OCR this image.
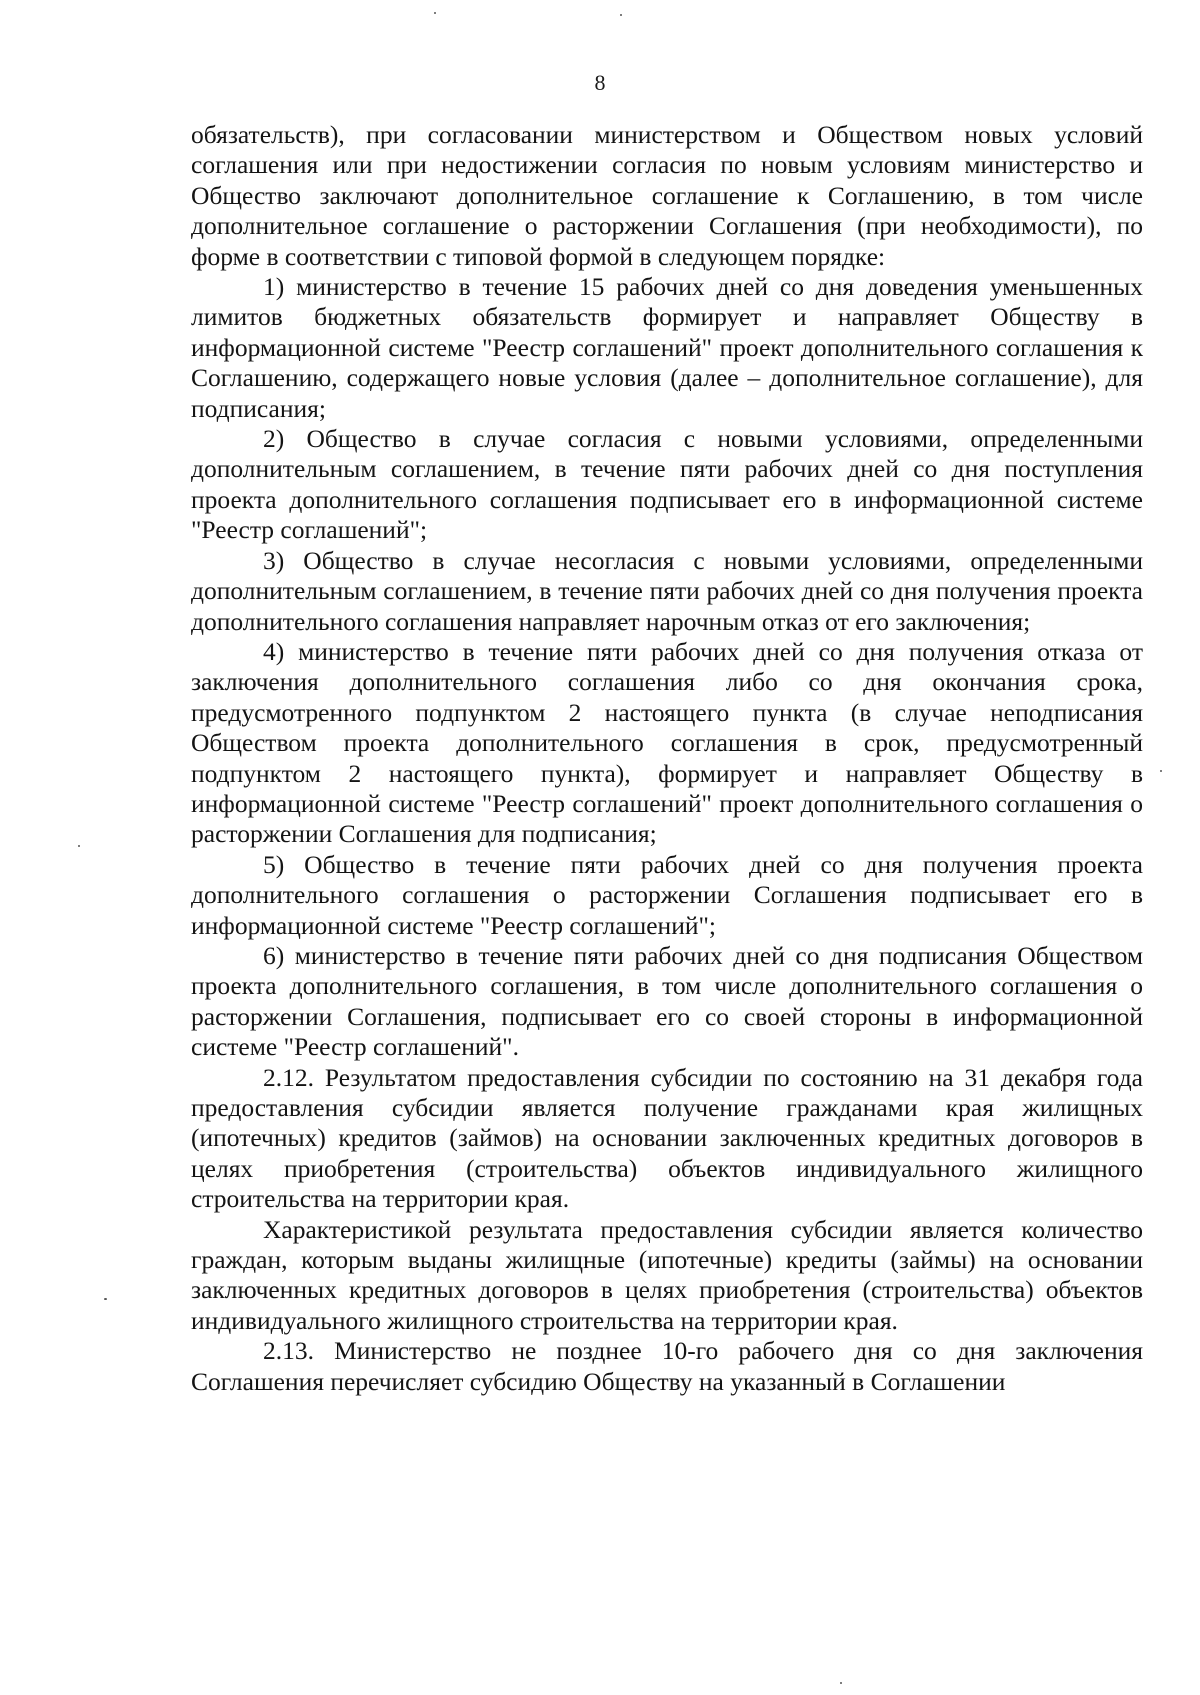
8

обязательств), при согласовании министерством и Обществом новых условий соглашения или при недостижении согласия по новым условиям министерство и Общество заключают дополнительное соглашение к Соглашению, в том числе дополнительное соглашение о расторжении Соглашения (при необходимости), по форме в соответствии с типовой формой в следующем порядке:

1) министерство в течение 15 рабочих дней со дня доведения уменьшенных лимитов бюджетных обязательств формирует и направляет Обществу в информационной системе "Реестр соглашений" проект дополнительного соглашения к Соглашению, содержащего новые условия (далее – дополнительное соглашение), для подписания;

2) Общество в случае согласия с новыми условиями, определенными дополнительным соглашением, в течение пяти рабочих дней со дня поступления проекта дополнительного соглашения подписывает его в информационной системе "Реестр соглашений";

3) Общество в случае несогласия с новыми условиями, определенными дополнительным соглашением, в течение пяти рабочих дней со дня получения проекта дополнительного соглашения направляет нарочным отказ от его заключения;

4) министерство в течение пяти рабочих дней со дня получения отказа от заключения дополнительного соглашения либо со дня окончания срока, предусмотренного подпунктом 2 настоящего пункта (в случае неподписания Обществом проекта дополнительного соглашения в срок, предусмотренный подпунктом 2 настоящего пункта), формирует и направляет Обществу в информационной системе "Реестр соглашений" проект дополнительного соглашения о расторжении Соглашения для подписания;

5) Общество в течение пяти рабочих дней со дня получения проекта дополнительного соглашения о расторжении Соглашения подписывает его в информационной системе "Реестр соглашений";

6) министерство в течение пяти рабочих дней со дня подписания Обществом проекта дополнительного соглашения, в том числе дополнительного соглашения о расторжении Соглашения, подписывает его со своей стороны в информационной системе "Реестр соглашений".

2.12. Результатом предоставления субсидии по состоянию на 31 декабря года предоставления субсидии является получение гражданами края жилищных (ипотечных) кредитов (займов) на основании заключенных кредитных договоров в целях приобретения (строительства) объектов индивидуального жилищного строительства на территории края.

Характеристикой результата предоставления субсидии является количество граждан, которым выданы жилищные (ипотечные) кредиты (займы) на основании заключенных кредитных договоров в целях приобретения (строительства) объектов индивидуального жилищного строительства на территории края.

2.13. Министерство не позднее 10-го рабочего дня со дня заключения Соглашения перечисляет субсидию Обществу на указанный в Соглашении
